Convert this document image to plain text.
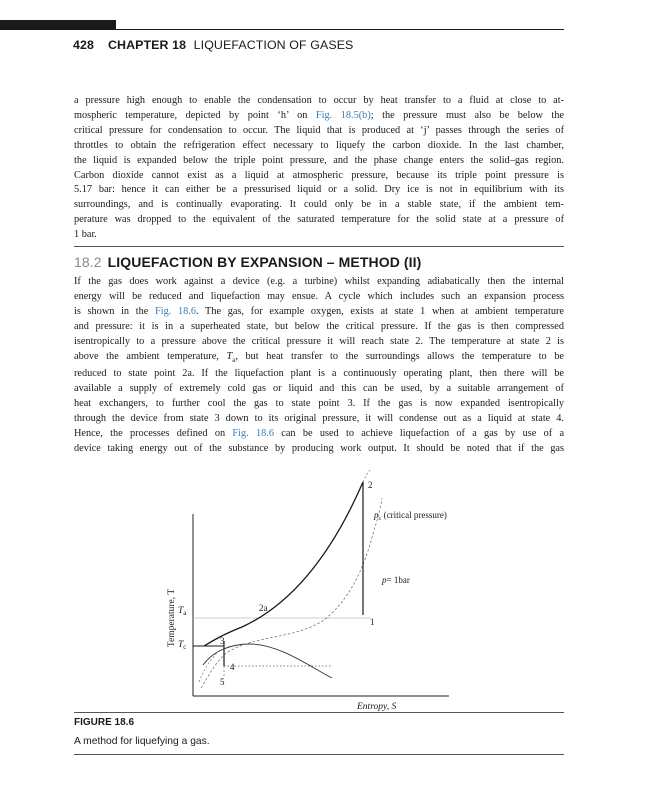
428 CHAPTER 18 LIQUEFACTION OF GASES
a pressure high enough to enable the condensation to occur by heat transfer to a fluid at close to at-
mospheric temperature, depicted by point ‘h’ on Fig. 18.5(b); the pressure must also be below the
critical pressure for condensation to occur. The liquid that is produced at ‘j’ passes through the series of
throttles to obtain the refrigeration effect necessary to liquefy the carbon dioxide. In the last chamber,
the liquid is expanded below the triple point pressure, and the phase change enters the solid–gas region.
Carbon dioxide cannot exist as a liquid at atmospheric pressure, because its triple point pressure is
5.17 bar: hence it can either be a pressurised liquid or a solid. Dry ice is not in equilibrium with its
surroundings, and is continually evaporating. It could only be in a stable state, if the ambient tem-
perature was dropped to the equivalent of the saturated temperature for the solid state at a pressure of
1 bar.
18.2 LIQUEFACTION BY EXPANSION – METHOD (II)
If the gas does work against a device (e.g. a turbine) whilst expanding adiabatically then the internal
energy will be reduced and liquefaction may ensue. A cycle which includes such an expansion process
is shown in the Fig. 18.6. The gas, for example oxygen, exists at state 1 when at ambient temperature
and pressure: it is in a superheated state, but below the critical pressure. If the gas is then compressed
isentropically to a pressure above the critical pressure it will reach state 2. The temperature at state 2 is
above the ambient temperature, $T_a$, but heat transfer to the surroundings allows the temperature to be
reduced to state point 2a. If the liquefaction plant is a continuously operating plant, then there will be
available a supply of extremely cold gas or liquid and this can be used, by a suitable arrangement of
heat exchangers, to further cool the gas to state point 3. If the gas is now expanded isentropically
through the device from state 3 down to its original pressure, it will condense out as a liquid at state 4.
Hence, the processes defined on Fig. 18.6 can be used to achieve liquefaction of a gas by use of a
device taking energy out of the substance by producing work output. It should be noted that if the gas
Temperature, T
Entropy, S
$T_a$
$T_c$
$p_c$ (critical pressure)
p= 1bar
2
1
2a
3
4
5
FIGURE 18.6
A method for liquefying a gas.
